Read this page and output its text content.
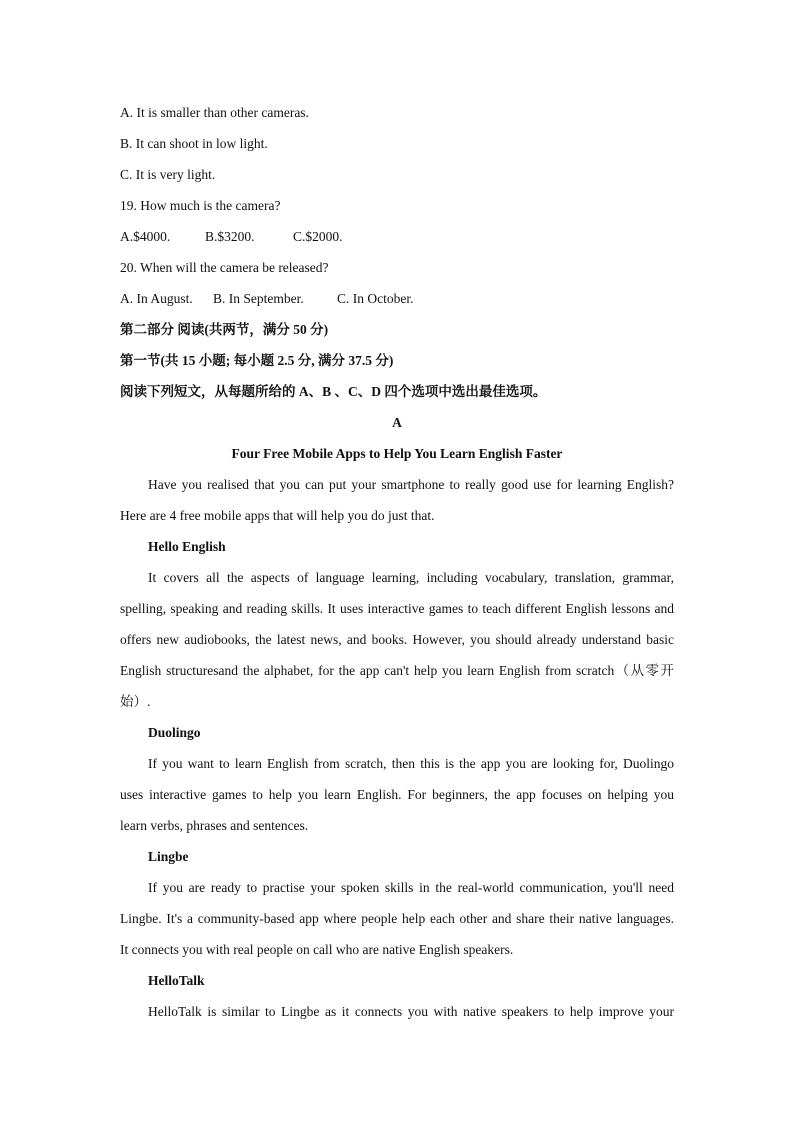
A. It is smaller than other cameras.
B. It can shoot in low light.
C. It is very light.
19. How much is the camera?
A.$4000.	B.$3200.	C.$2000.
20. When will the camera be released?
A. In August. B. In September. C. In October.
第二部分 阅读(共两节，满分 50 分)
第一节(共 15 小题; 每小题 2.5 分, 满分 37.5 分)
阅读下列短文，从每题所给的 A、B 、C、D 四个选项中选出最佳选项。
A
Four Free Mobile Apps to Help You Learn English Faster
Have you realised that you can put your smartphone to really good use for learning English?
Here are 4 free mobile apps that will help you do just that.
Hello English
It covers all the aspects of language learning, including vocabulary, translation, grammar,
spelling, speaking and reading skills. It uses interactive games to teach different English lessons and
offers new audiobooks, the latest news, and books. However, you should already understand basic
English structuresand the alphabet, for the app can't help you learn English from scratch（从零开
始）.
Duolingo
If you want to learn English from scratch, then this is the app you are looking for, Duolingo
uses interactive games to help you learn English. For beginners, the app focuses on helping you
learn verbs, phrases and sentences.
Lingbe
If you are ready to practise your spoken skills in the real-world communication, you'll need
Lingbe. It's a community-based app where people help each other and share their native languages.
It connects you with real people on call who are native English speakers.
HelloTalk
HelloTalk is similar to Lingbe as it connects you with native speakers to help improve your
